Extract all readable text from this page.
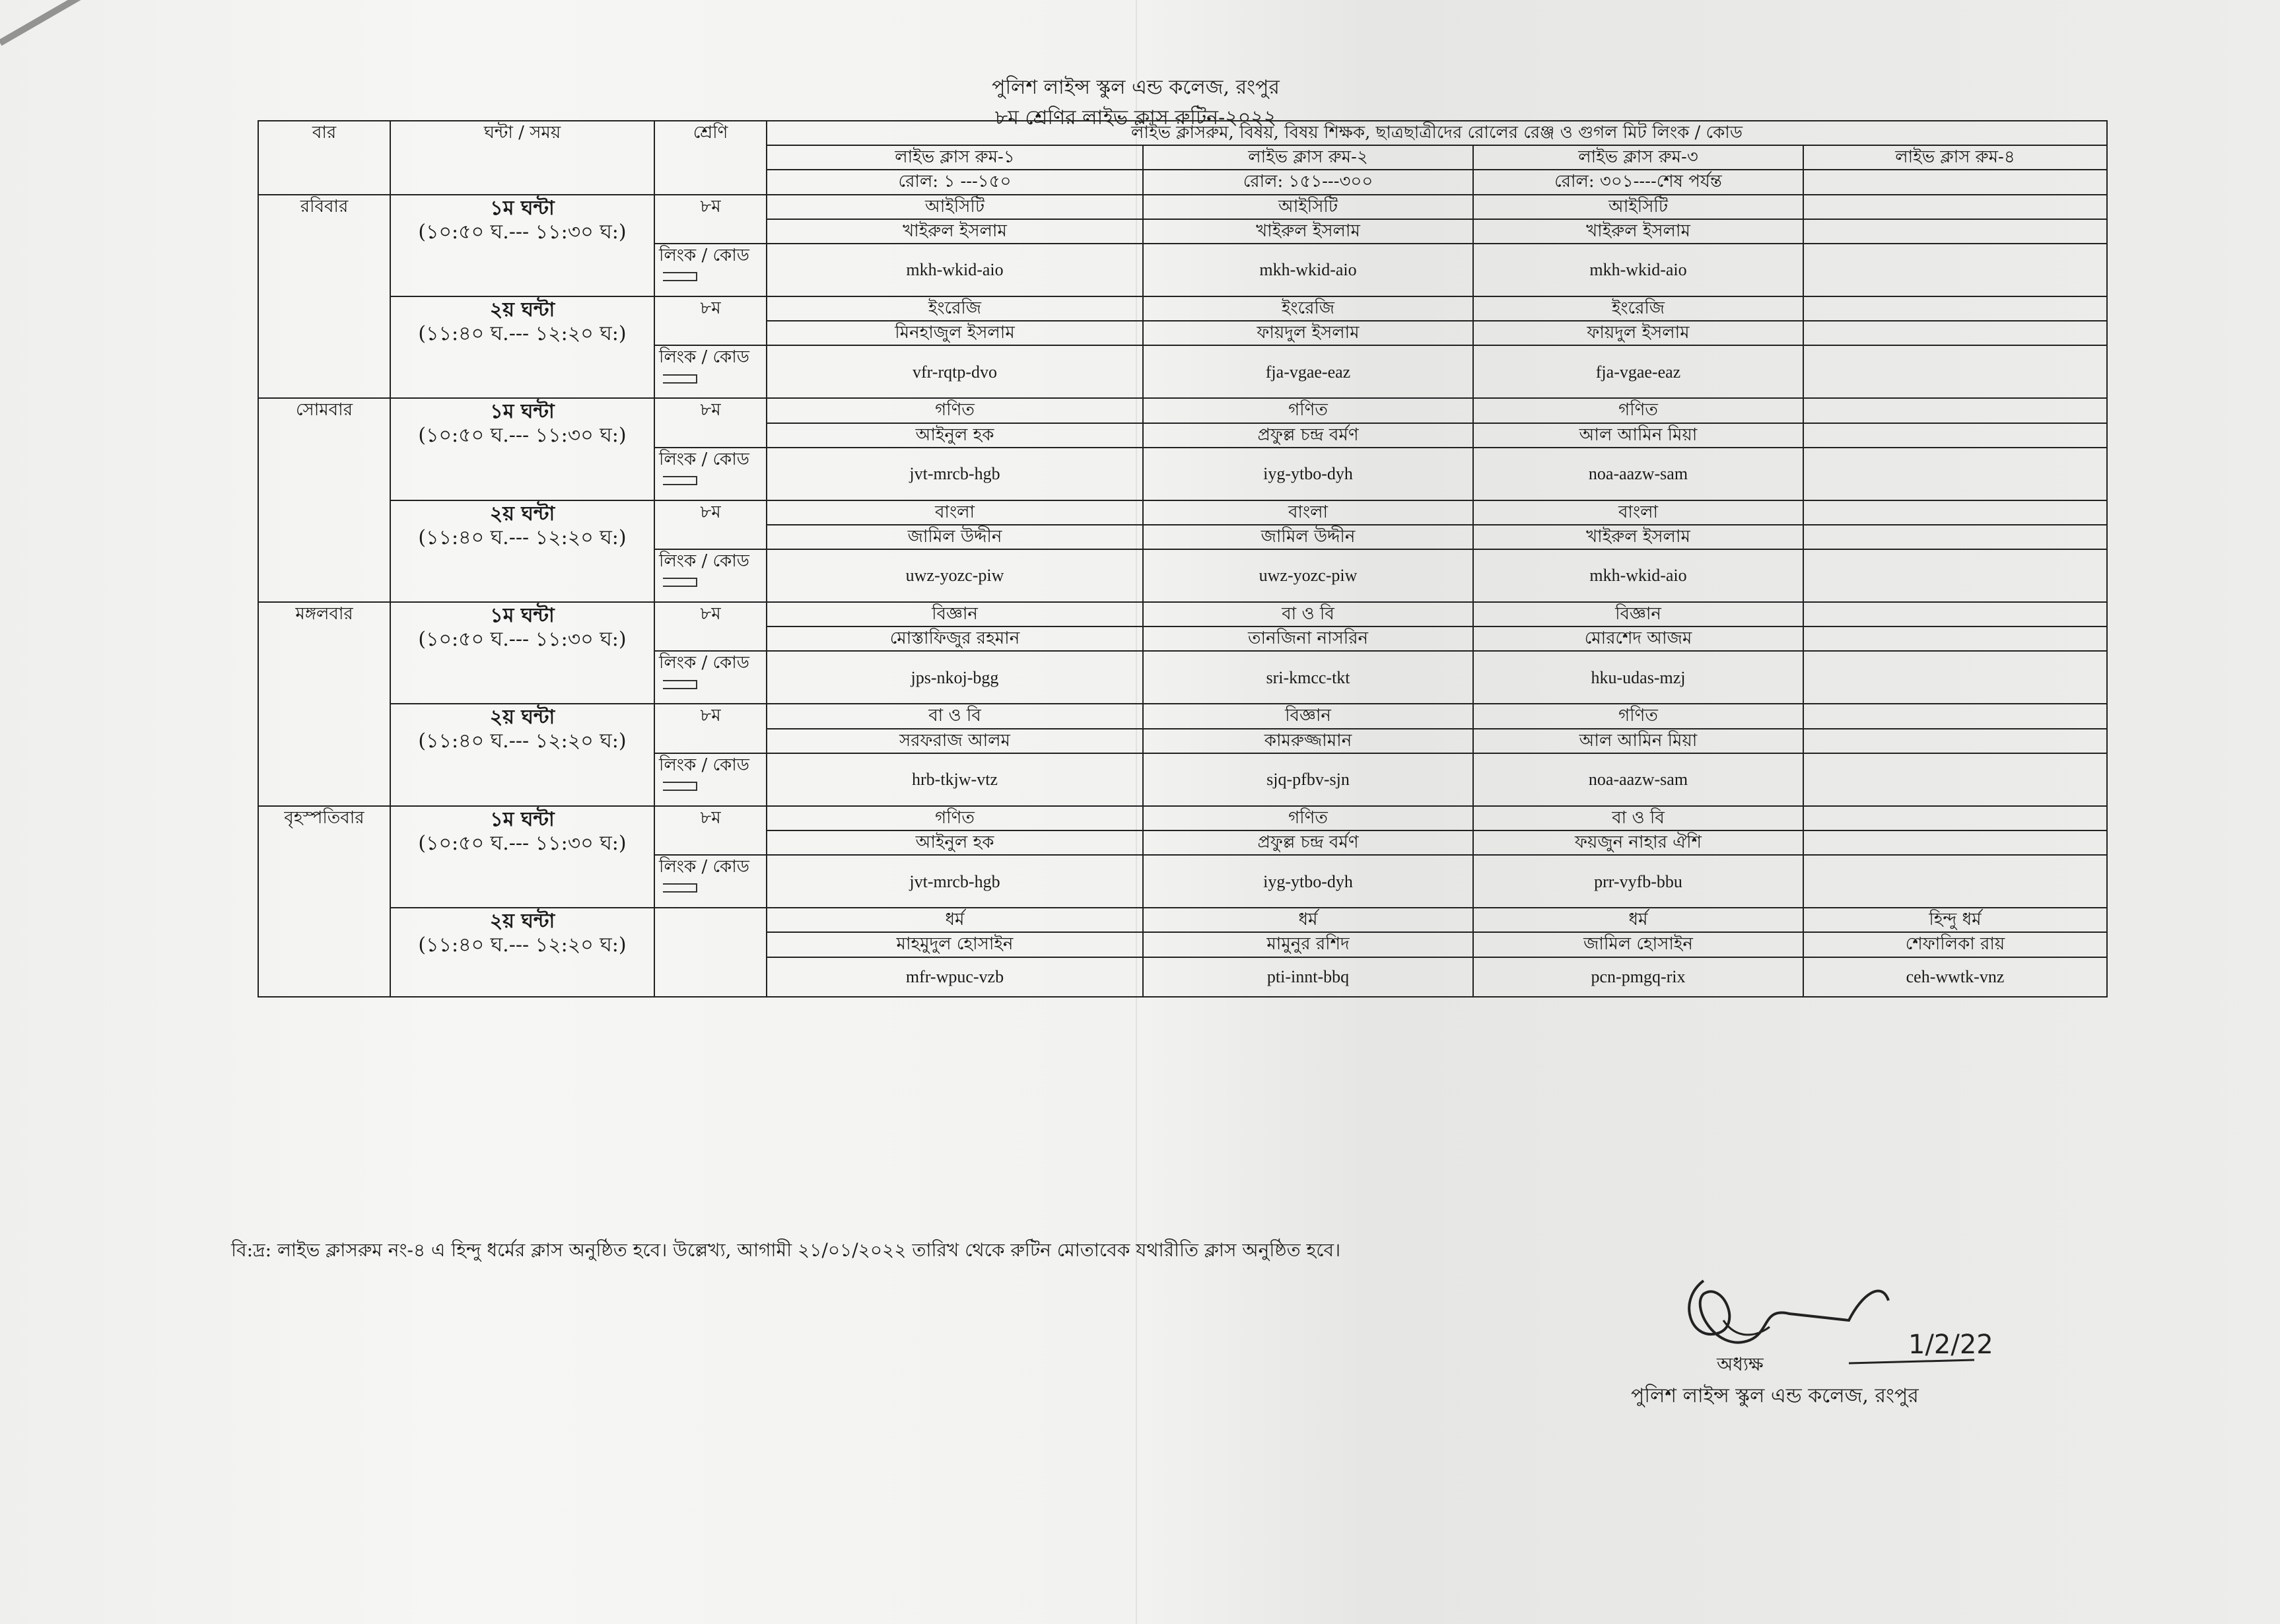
পুলিশ লাইন্স স্কুল এন্ড কলেজ, রংপুর
৮ম শ্রেণির লাইভ ক্লাস রুটিন-২০২২
বার	ঘন্টা / সময়	শ্রেণি	লাইভ ক্লাসরুম, বিষয়, বিষয় শিক্ষক, ছাত্রছাত্রীদের রোলের রেঞ্জ ও গুগল মিট লিংক / কোড			
			লাইভ ক্লাস রুম-১	লাইভ ক্লাস রুম-২	লাইভ ক্লাস রুম-৩	লাইভ ক্লাস রুম-৪
			রোল: ১ ---১৫০	রোল: ১৫১---৩০০	রোল: ৩০১----শেষ পর্যন্ত	
রবিবার	১ম ঘন্টা
(১০:৫০ ঘ.--- ১১:৩০ ঘ:)	৮ম	আইসিটি	আইসিটি	আইসিটি	
			খাইরুল ইসলাম	খাইরুল ইসলাম	খাইরুল ইসলাম	
		লিংক / কোড	mkh-wkid-aio	mkh-wkid-aio	mkh-wkid-aio	

	২য় ঘন্টা
(১১:৪০ ঘ.--- ১২:২০ ঘ:)	৮ম	ইংরেজি	ইংরেজি	ইংরেজি	
			মিনহাজুল ইসলাম	ফায়দুল ইসলাম	ফায়দুল ইসলাম	
		লিংক / কোড	vfr-rqtp-dvo	fja-vgae-eaz	fja-vgae-eaz	
সোমবার	১ম ঘন্টা
(১০:৫০ ঘ.--- ১১:৩০ ঘ:)	৮ম	গণিত	গণিত	গণিত	
			আইনুল হক	প্রফুল্ল চন্দ্র বর্মণ	আল আমিন মিয়া	
		লিংক / কোড	jvt-mrcb-hgb	iyg-ytbo-dyh	noa-aazw-sam	

	২য় ঘন্টা
(১১:৪০ ঘ.--- ১২:২০ ঘ:)	৮ম	বাংলা	বাংলা	বাংলা	
			জামিল উদ্দীন	জামিল উদ্দীন	খাইরুল ইসলাম	
		লিংক / কোড	uwz-yozc-piw	uwz-yozc-piw	mkh-wkid-aio	
মঙ্গলবার	১ম ঘন্টা
(১০:৫০ ঘ.--- ১১:৩০ ঘ:)	৮ম	বিজ্ঞান	বা ও বি	বিজ্ঞান	
			মোস্তাফিজুর রহমান	তানজিনা নাসরিন	মোরশেদ আজম	
		লিংক / কোড	jps-nkoj-bgg	sri-kmcc-tkt	hku-udas-mzj	

	২য় ঘন্টা
(১১:৪০ ঘ.--- ১২:২০ ঘ:)	৮ম	বা ও বি	বিজ্ঞান	গণিত	
			সরফরাজ আলম	কামরুজ্জামান	আল আমিন মিয়া	
		লিংক / কোড	hrb-tkjw-vtz	sjq-pfbv-sjn	noa-aazw-sam	
বৃহস্পতিবার	১ম ঘন্টা
(১০:৫০ ঘ.--- ১১:৩০ ঘ:)	৮ম	গণিত	গণিত	বা ও বি	
			আইনুল হক	প্রফুল্ল চন্দ্র বর্মণ	ফয়জুন নাহার ঐশি	
		লিংক / কোড	jvt-mrcb-hgb	iyg-ytbo-dyh	prr-vyfb-bbu	

	২য় ঘন্টা
(১১:৪০ ঘ.--- ১২:২০ ঘ:)		ধর্ম	ধর্ম	ধর্ম	হিন্দু ধর্ম
			মাহমুদুল হোসাইন	মামুনুর রশিদ	জামিল হোসাইন	শেফালিকা রায়
			mfr-wpuc-vzb	pti-innt-bbq	pcn-pmgq-rix	ceh-wwtk-vnz
বি:দ্র: লাইভ ক্লাসরুম নং-৪ এ হিন্দু ধর্মের ক্লাস অনুষ্ঠিত হবে। উল্লেখ্য, আগামী ২১/০১/২০২২ তারিখ থেকে রুটিন মোতাবেক যথারীতি ক্লাস অনুষ্ঠিত হবে।
1/2/22
অধ্যক্ষ
পুলিশ লাইন্স স্কুল এন্ড কলেজ, রংপুর
